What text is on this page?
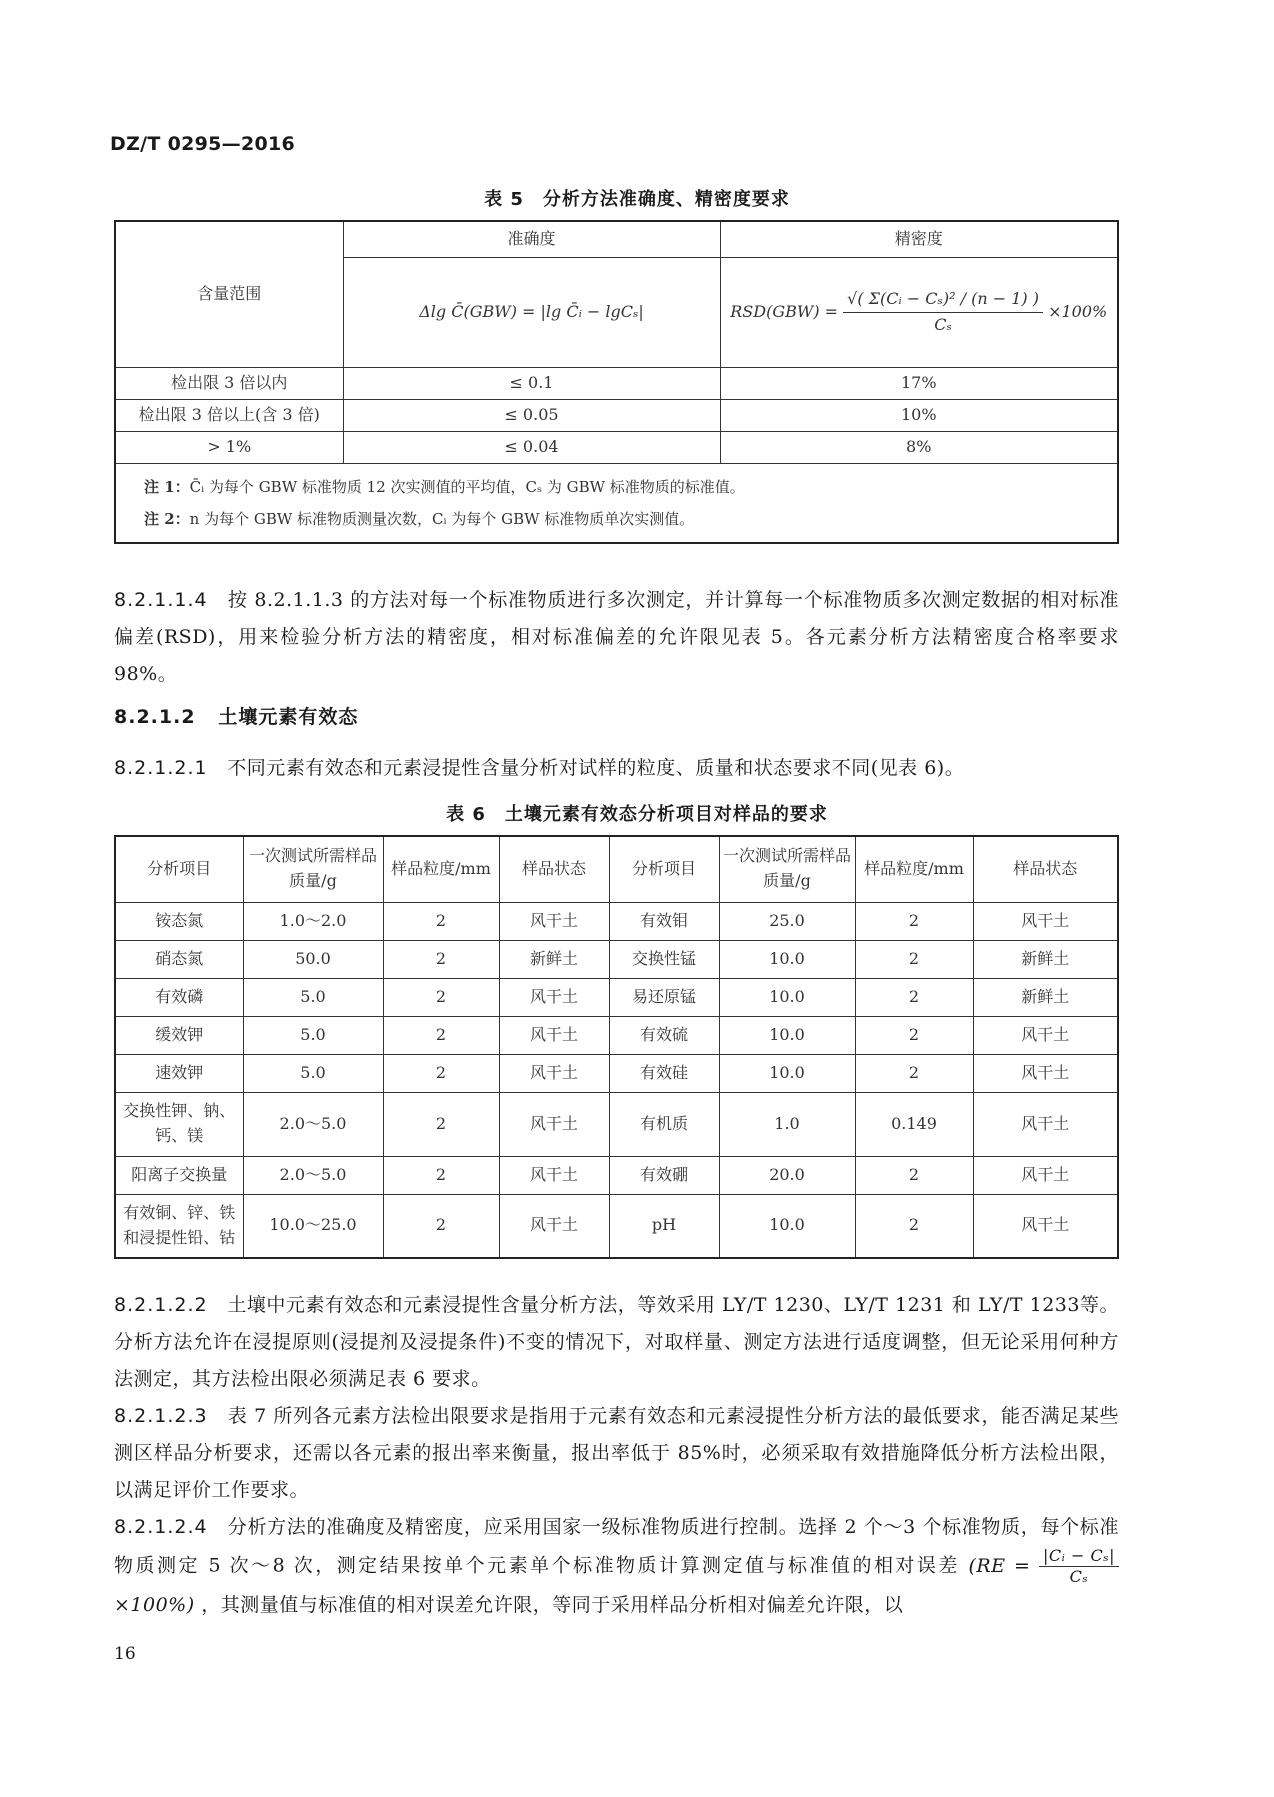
DZ/T 0295—2016
表 5　分析方法准确度、精密度要求
含量范围	准确度	精密度
	Δlg C̄(GBW) = |lg C̄ᵢ − lgCₛ|	$RSD(GBW) = \frac{\text{√( Σ(Cᵢ − Cₛ)² / (n − 1) )}}{\text{Cₛ}} \times 100\%$
检出限 3 倍以内	≤ 0.1	17%
检出限 3 倍以上(含 3 倍)	≤ 0.05	10%
> 1%	≤ 0.04	8%

注 1：C̄ᵢ 为每个 GBW 标准物质 12 次实测值的平均值，Cₛ 为 GBW 标准物质的标准值。
注 2：n 为每个 GBW 标准物质测量次数，Cᵢ 为每个 GBW 标准物质单次实测值。		
8.2.1.1.4 按 8.2.1.1.3 的方法对每一个标准物质进行多次测定，并计算每一个标准物质多次测定数据的相对标准偏差(RSD)，用来检验分析方法的精密度，相对标准偏差的允许限见表 5。各元素分析方法精密度合格率要求 98%。
8.2.1.2 土壤元素有效态
8.2.1.2.1 不同元素有效态和元素浸提性含量分析对试样的粒度、质量和状态要求不同(见表 6)。
表 6　土壤元素有效态分析项目对样品的要求
分析项目	一次测试所需样品质量/g	样品粒度/mm	样品状态	分析项目	一次测试所需样品质量/g	样品粒度/mm	样品状态
铵态氮	1.0～2.0	2	风干土	有效钼	25.0	2	风干土
硝态氮	50.0	2	新鲜土	交换性锰	10.0	2	新鲜土
有效磷	5.0	2	风干土	易还原锰	10.0	2	新鲜土
缓效钾	5.0	2	风干土	有效硫	10.0	2	风干土
速效钾	5.0	2	风干土	有效硅	10.0	2	风干土
交换性钾、钠、钙、镁	2.0～5.0	2	风干土	有机质	1.0	0.149	风干土
阳离子交换量	2.0～5.0	2	风干土	有效硼	20.0	2	风干土
有效铜、锌、铁和浸提性铅、钴	10.0～25.0	2	风干土	pH	10.0	2	风干土
8.2.1.2.2 土壤中元素有效态和元素浸提性含量分析方法，等效采用 LY/T 1230、LY/T 1231 和 LY/T 1233等。分析方法允许在浸提原则(浸提剂及浸提条件)不变的情况下，对取样量、测定方法进行适度调整，但无论采用何种方法测定，其方法检出限必须满足表 6 要求。
8.2.1.2.3 表 7 所列各元素方法检出限要求是指用于元素有效态和元素浸提性分析方法的最低要求，能否满足某些测区样品分析要求，还需以各元素的报出率来衡量，报出率低于 85%时，必须采取有效措施降低分析方法检出限，以满足评价工作要求。
8.2.1.2.4 分析方法的准确度及精密度，应采用国家一级标准物质进行控制。选择 2 个～3 个标准物质，每个标准物质测定 5 次～8 次，测定结果按单个元素单个标准物质计算测定值与标准值的相对误差 ($RE = \frac{\text{|Cᵢ − Cₛ|}}{\text{Cₛ}}$
×100%) ，其测量值与标准值的相对误差允许限，等同于采用样品分析相对偏差允许限，以
16
